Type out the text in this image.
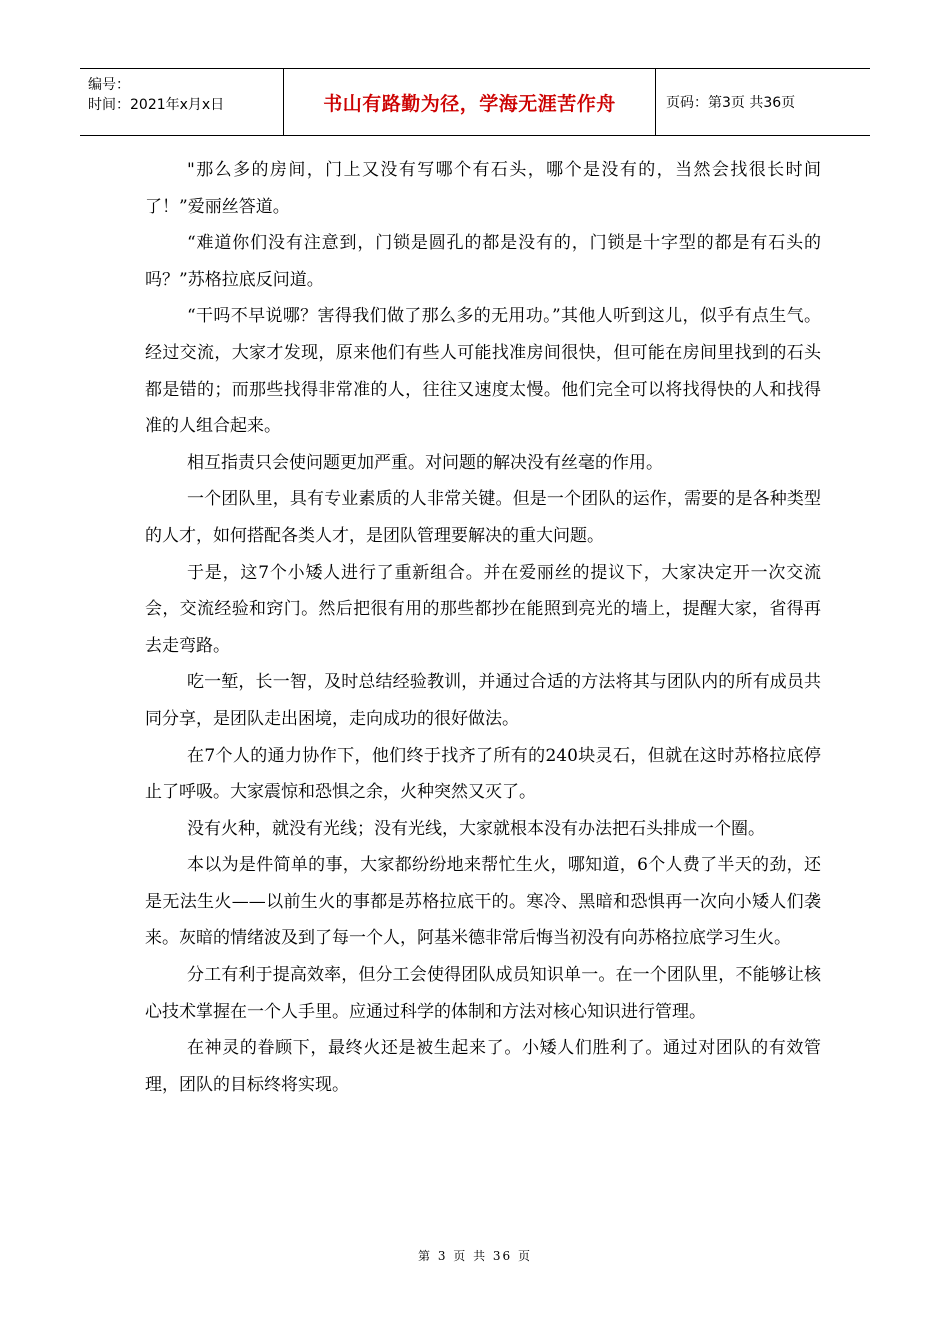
编号：
时间：2021年x月x日	书山有路勤为径，学海无涯苦作舟	页码：第3页 共36页

"那么多的房间，门上又没有写哪个有石头，哪个是没有的，当然会找很长时间了！”爱丽丝答道。

“难道你们没有注意到，门锁是圆孔的都是没有的，门锁是十字型的都是有石头的吗？”苏格拉底反问道。

“干吗不早说哪？害得我们做了那么多的无用功。”其他人听到这儿，似乎有点生气。经过交流，大家才发现，原来他们有些人可能找准房间很快，但可能在房间里找到的石头都是错的；而那些找得非常准的人，往往又速度太慢。他们完全可以将找得快的人和找得准的人组合起来。

相互指责只会使问题更加严重。对问题的解决没有丝毫的作用。

一个团队里，具有专业素质的人非常关键。但是一个团队的运作，需要的是各种类型的人才，如何搭配各类人才，是团队管理要解决的重大问题。

于是，这7个小矮人进行了重新组合。并在爱丽丝的提议下，大家决定开一次交流会，交流经验和窍门。然后把很有用的那些都抄在能照到亮光的墙上，提醒大家，省得再去走弯路。

吃一堑，长一智，及时总结经验教训，并通过合适的方法将其与团队内的所有成员共同分享，是团队走出困境，走向成功的很好做法。

在7个人的通力协作下，他们终于找齐了所有的240块灵石，但就在这时苏格拉底停止了呼吸。大家震惊和恐惧之余，火种突然又灭了。

没有火种，就没有光线；没有光线，大家就根本没有办法把石头排成一个圈。

本以为是件简单的事，大家都纷纷地来帮忙生火，哪知道，6个人费了半天的劲，还是无法生火——以前生火的事都是苏格拉底干的。寒冷、黑暗和恐惧再一次向小矮人们袭来。灰暗的情绪波及到了每一个人，阿基米德非常后悔当初没有向苏格拉底学习生火。

分工有利于提高效率，但分工会使得团队成员知识单一。在一个团队里，不能够让核心技术掌握在一个人手里。应通过科学的体制和方法对核心知识进行管理。

在神灵的眷顾下，最终火还是被生起来了。小矮人们胜利了。通过对团队的有效管理，团队的目标终将实现。

第 3 页 共 36 页
